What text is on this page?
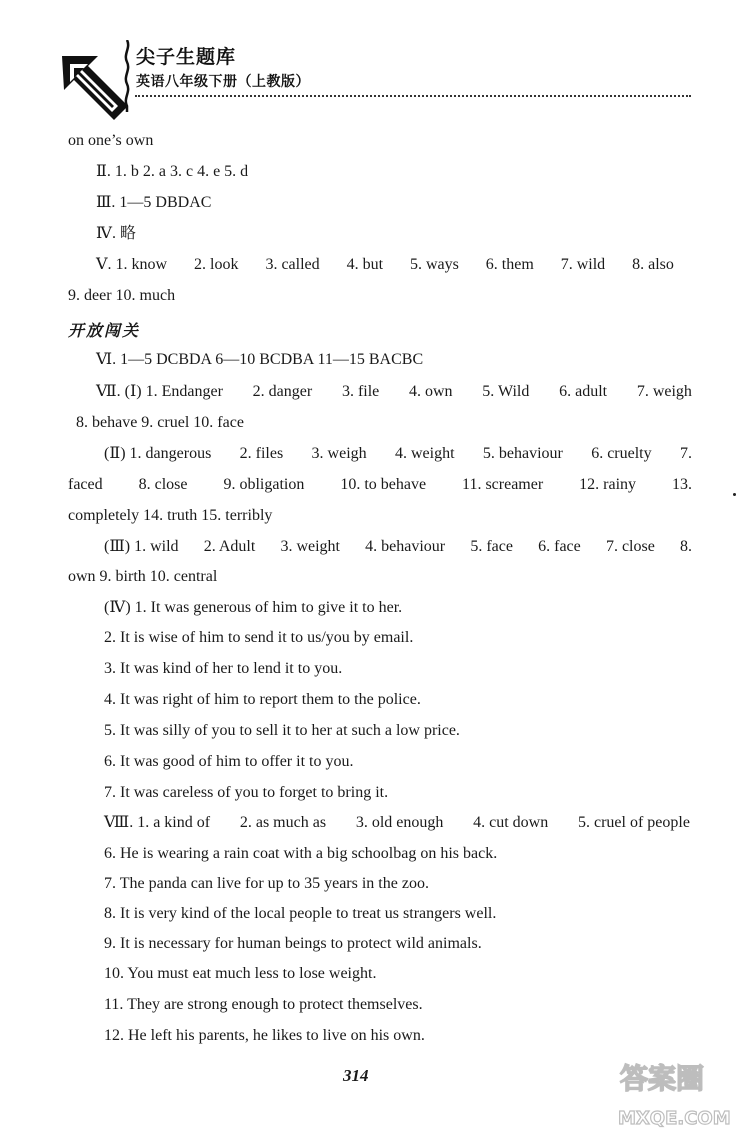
尖子生题库
英语八年级下册（上教版）
on one’s own
Ⅱ. 1. b 2. a 3. c 4. e 5. d
Ⅲ. 1—5 DBDAC
Ⅳ. 略
Ⅴ. 1. know 2. look 3. called 4. but 5. ways 6. them 7. wild 8. also
9. deer 10. much
开放闯关
Ⅵ. 1—5 DCBDA 6—10 BCDBA 11—15 BACBC
Ⅶ. (Ⅰ) 1. Endanger 2. danger 3. file 4. own 5. Wild 6. adult 7. weigh
8. behave 9. cruel 10. face
(Ⅱ) 1. dangerous 2. files 3. weigh 4. weight 5. behaviour 6. cruelty 7.
faced 8. close 9. obligation 10. to behave 11. screamer 12. rainy 13.
completely 14. truth 15. terribly
(Ⅲ) 1. wild 2. Adult 3. weight 4. behaviour 5. face 6. face 7. close 8.
own 9. birth 10. central
(Ⅳ) 1. It was generous of him to give it to her.
2. It is wise of him to send it to us/you by email.
3. It was kind of her to lend it to you.
4. It was right of him to report them to the police.
5. It was silly of you to sell it to her at such a low price.
6. It was good of him to offer it to you.
7. It was careless of you to forget to bring it.
Ⅷ. 1. a kind of 2. as much as 3. old enough 4. cut down 5. cruel of people
6. He is wearing a rain coat with a big schoolbag on his back.
7. The panda can live for up to 35 years in the zoo.
8. It is very kind of the local people to treat us strangers well.
9. It is necessary for human beings to protect wild animals.
10. You must eat much less to lose weight.
11. They are strong enough to protect themselves.
12. He left his parents, he likes to live on his own.
314	答案圈
MXQE.COM
